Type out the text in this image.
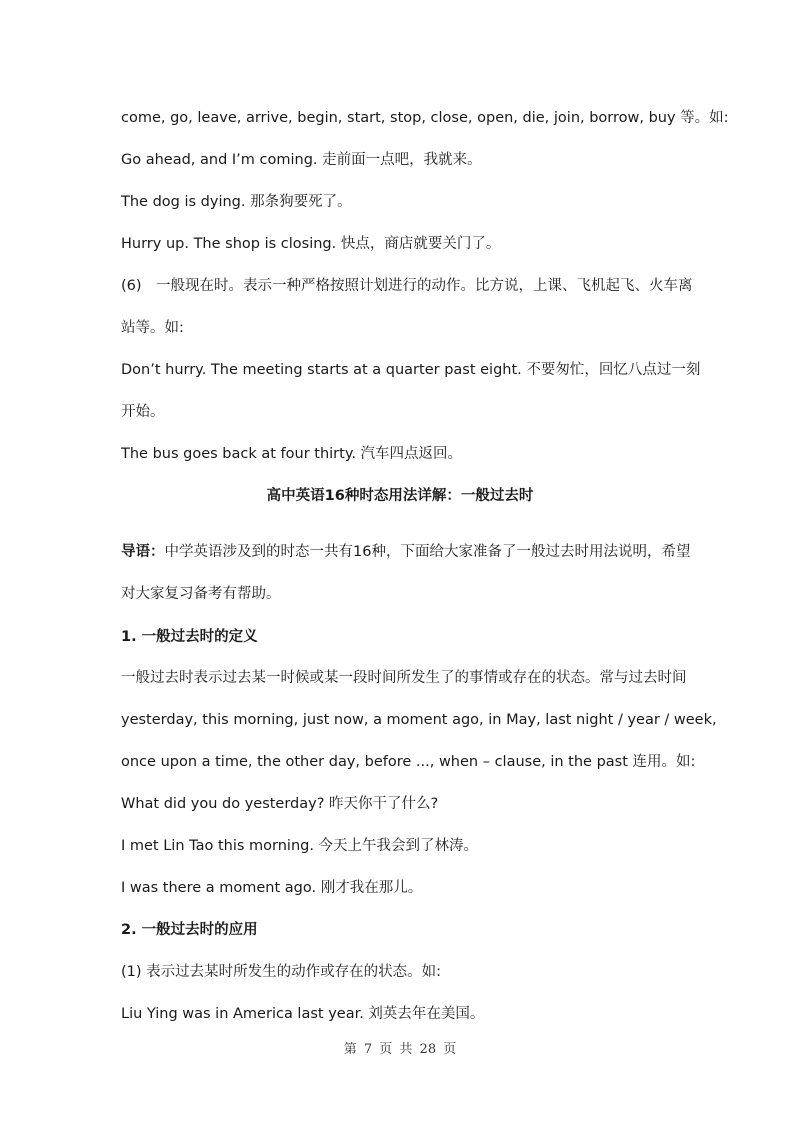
come, go, leave, arrive, begin, start, stop, close, open, die, join, borrow, buy 等。如:
Go ahead, and I’m coming. 走前面一点吧，我就来。
The dog is dying. 那条狗要死了。
Hurry up. The shop is closing. 快点，商店就要关门了。
(6)　一般现在时。表示一种严格按照计划进行的动作。比方说，上课、飞机起飞、火车离
站等。如:
Don’t hurry. The meeting starts at a quarter past eight. 不要匆忙，回忆八点过一刻
开始。
The bus goes back at four thirty. 汽车四点返回。
高中英语16种时态用法详解：一般过去时
导语：中学英语涉及到的时态一共有16种，下面给大家准备了一般过去时用法说明，希望
对大家复习备考有帮助。
1. 一般过去时的定义
一般过去时表示过去某一时候或某一段时间所发生了的事情或存在的状态。常与过去时间
yesterday, this morning, just now, a moment ago, in May, last night / year / week,
once upon a time, the other day, before ..., when – clause, in the past 连用。如:
What did you do yesterday? 昨天你干了什么?
I met Lin Tao this morning. 今天上午我会到了林涛。
I was there a moment ago. 刚才我在那儿。
2. 一般过去时的应用
(1) 表示过去某时所发生的动作或存在的状态。如:
Liu Ying was in America last year. 刘英去年在美国。
第 7 页 共 28 页
